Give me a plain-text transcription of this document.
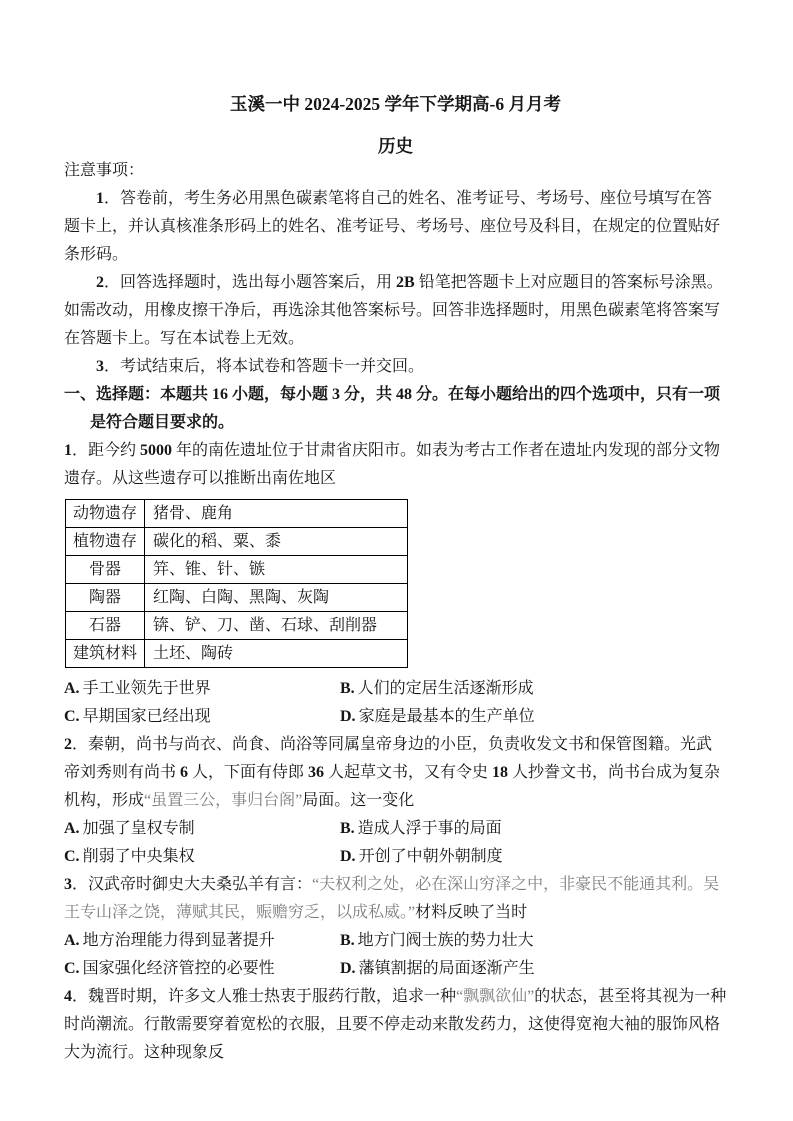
玉溪一中 2024-2025 学年下学期高-6 月月考
历史

注意事项：

1．答卷前，考生务必用黑色碳素笔将自己的姓名、准考证号、考场号、座位号填写在答题卡上，并认真核准条形码上的姓名、准考证号、考场号、座位号及科目，在规定的位置贴好条形码。

2．回答选择题时，选出每小题答案后，用 2B 铅笔把答题卡上对应题目的答案标号涂黑。如需改动，用橡皮擦干净后，再选涂其他答案标号。回答非选择题时，用黑色碳素笔将答案写在答题卡上。写在本试卷上无效。

3．考试结束后，将本试卷和答题卡一并交回。

一、选择题：本题共 16 小题，每小题 3 分，共 48 分。在每小题给出的四个选项中，只有一项是符合题目要求的。

1．距今约 5000 年的南佐遗址位于甘肃省庆阳市。如表为考古工作者在遗址内发现的部分文物遗存。从这些遗存可以推断出南佐地区

动物遗存	猪骨、鹿角
植物遗存	碳化的稻、粟、黍
骨器	笄、锥、针、镞
陶器	红陶、白陶、黑陶、灰陶
石器	锛、铲、刀、凿、石球、刮削器
建筑材料	土坯、陶砖
A. 手工业领先于世界	B. 人们的定居生活逐渐形成
C. 早期国家已经出现	D. 家庭是最基本的生产单位

2．秦朝，尚书与尚衣、尚食、尚浴等同属皇帝身边的小臣，负责收发文书和保管图籍。光武帝刘秀则有尚书 6 人，下面有侍郎 36 人起草文书，又有令史 18 人抄誊文书，尚书台成为复杂机构，形成“虽置三公，事归台阁”局面。这一变化

A. 加强了皇权专制	B. 造成人浮于事的局面
C. 削弱了中央集权	D. 开创了中朝外朝制度

3．汉武帝时御史大夫桑弘羊有言：“夫权利之处，必在深山穷泽之中，非豪民不能通其利。吴王专山泽之饶，薄赋其民，赈赡穷乏，以成私威。”材料反映了当时

A. 地方治理能力得到显著提升	B. 地方门阀士族的势力壮大
C. 国家强化经济管控的必要性	D. 藩镇割据的局面逐渐产生

4．魏晋时期，许多文人雅士热衷于服药行散，追求一种“飘飘欲仙”的状态，甚至将其视为一种时尚潮流。行散需要穿着宽松的衣服，且要不停走动来散发药力，这使得宽袍大袖的服饰风格大为流行。这种现象反
